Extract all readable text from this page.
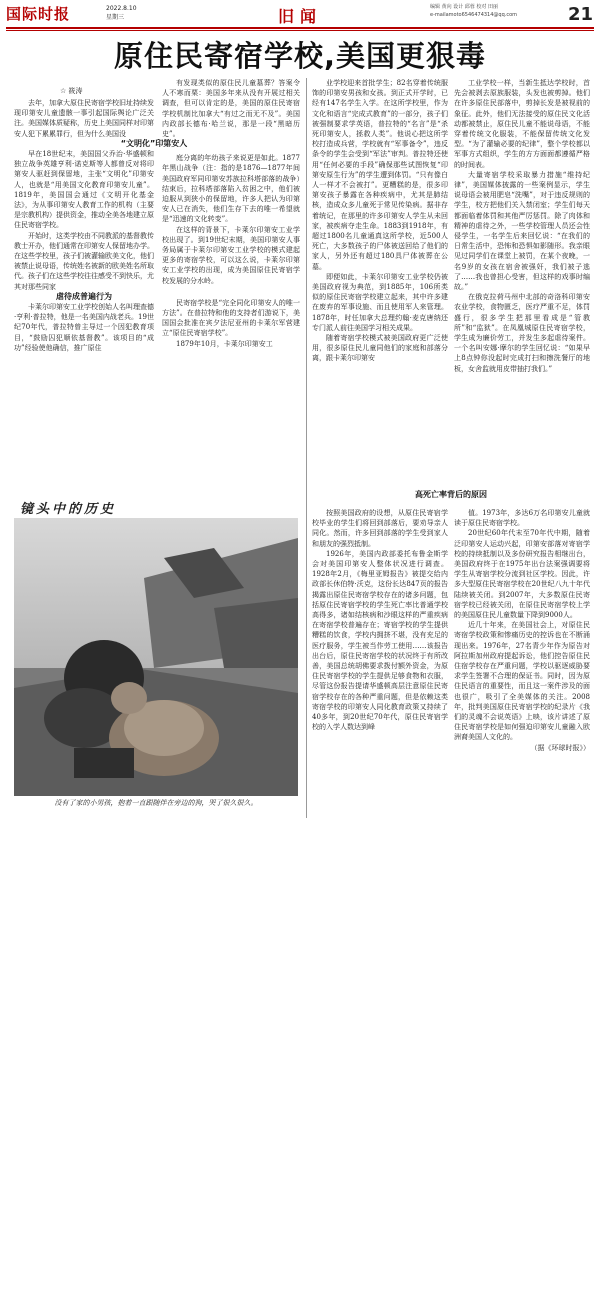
国际时报	2022.8.10
星期三	旧闻	编辑 黄向 设计 邱蓉 校对 田丽
e-mailamoto6546474314@qq.com	21
原住民寄宿学校,美国更狠毒
☆ 筱涛

去年，加拿大原住民寄宿学校旧址持续发现印第安儿童遗骸一事引起国际舆论广泛关注。美国媒体质疑称，历史上美国同样对印第安人犯下累累罪行，但为什么美国没

“文明化”印第安人

早在18世纪末，美国国父乔治·华盛顿和独立战争英雄亨利·诺克斯等人都曾反对将印第安人驱赶到保留地，主张“文明化”印第安人，也就是“用美国文化教育印第安儿童”。1819年，美国国会通过《文明开化基金法》，为从事印第安人教育工作的机构（主要是宗教机构）提供资金，推动全美各地建立原住民寄宿学校。

开始时，这类学校由不同教派的基督教传教士开办，他们通常在印第安人保留地办学。在这些学校里，孩子们被灌输欧美文化，他们被禁止说母语，传统姓名被新的欧美姓名所取代。孩子们在这些学校往往感受不到快乐，尤其对那些同家

虐待成普遍行为

卡莱尔印第安工业学校创始人名叫理查德·亨利·普拉特，他是一名美国内战老兵。19世纪70年代，普拉特曾主导过一个因犯教育项目，“鼓励囚犯顺依基督教”。该项目的“成功”经验使他确信，推广原住

有发现类似的原住民儿童墓葬？答案令人不寒而栗：美国多年来从没有开展过相关调查，但可以肯定的是，美国的原住民寄宿学校机制比加拿大“有过之而无不及”。美国内政部长德布·哈兰说，那是一段“黑暗历史”。

庭分离的年幼孩子来说更是如此。1877年黑山战争（注：指的是1876—1877年间美国政府军同印第安苏族拉科塔部落的战争）结束后，拉科塔部落陷入贫困之中，他们被迫服从到狭小的保留地，许多人把认为印第安人已在消失，他们生存下去的唯一希望就是“迅速的文化转变”。

在这样的背景下，卡莱尔印第安工业学校出现了。到19世纪末期，美国印第安人事务局属于卡莱尔印第安工业学校的模式建起更多的寄宿学校，可以这么说，卡莱尔印第安工业学校的出现，成为美国原住民寄宿学校发展的分水岭。

民寄宿学校是“完全同化印第安人的唯一方法”。在普拉特和他的支持者们游说下，美国国会批准在宾夕法尼亚州的卡莱尔军营建立“原住民寄宿学校”。

1879年10月，卡莱尔印第安工

业学校迎来首批学生；82名穿着传统服饰的印第安男孩和女孩。到正式开学时，已经有147名学生入学。在这所学校里，作为文化和语言“完成式教育”的一部分，孩子们被强制要求学英语，普拉特的“名言”是“杀死印第安人，拯救人类”。他说心把这所学校打造成兵营，学校就有“军事备令”，违反条令的学生会受到“军法”审判。普拉特还使用“任何必要的手段”确保那些试图恢复“印第安原生行为”的学生遭到体罚。“只有像白人一样才不会被打”。更糟糕的是，很多印第安孩子暴露在各种疾病中，尤其是肺结核，造成众多儿童死于常见传染病。据非存着统记，在那里的许多印第安人学生从未回家，被疾病夺走生命。1883到1918年，有超过1800名儿童通真这所学校，近500人死亡，大多数孩子的尸体被送回给了他们的家人，另外还有超过180具尸体被葬在公墓。

即便如此，卡莱尔印第安工业学校仍被美国政府视为典范，到1885年，106所类似的原住民寄宿学校建立起来，其中许多建在废弃的军事设施、而且使用军人来管理。1878年，时任加拿大总理约翰·麦克唐纳还专门派人前往美国学习相关成果。

随着寄宿学校模式被美国政府更广泛使用，很多原住民儿童同他们的家庭和部落分离，跟卡莱尔印第安

工业学校一样，当新生抵达学校时，首先会被剥去原族服装，头发也被剪掉。他们在许多原住民部落中，剪掉长发是被视前的象征。此外，他们无法接受的原住民文化活动都被禁止，原住民儿童不能说母语，不能穿着传统文化服装，不能保留传统文化发型。“为了灌输必要的纪律”，整个学校都以军事方式组织，学生的方方面面都遵循严格的时间表。

大量寄宿学校采取暴力措施“维持纪律”，美国媒体披露的一些案例显示，学生说母语会被用肥皂“洗嘴”，对于违反规则的学生，校方把他们关入禁闭室；学生们每天都面临着体罚和其他严厉惩罚。除了肉体和精神的虐待之外，一些学校管理人员还会性侵学生，一名学生后来回忆说：“在我们的日常生活中，恐怖和恐惧如影随形。我亲眼见过同学们在课堂上被罚，在某个夜晚，一名9岁的女孩在宿舍被强奸，我们被子逃了……我也曾担心受害，但这样的戏事时编故。”

在俄克拉荷马州中北部的奇洛科印第安农业学校，食物匮乏，医疗严重不足，体罚盛行，很多学生把那里看成是“管教所”和“监狱”。在凤凰城原住民寄宿学校，学生成为廉价劳工，并发生多起虐待案件。一个名叫安娜·摩尔的学生回忆说：“如果早上8点钟你没起时完成打扫和擦洗餐厅的地板，女舍监就用皮带抽打我们。”

高死亡率背后的原因

按照美国政府的设想，从原住民寄宿学校毕业的学生们将回到部落后，要劝导亲人同化。然而，许多回到部落的学生受到家人和朋友的强烈抵制。

1926年，美国内政部委托布鲁金斯学会对美国印第安人整体状况进行调查。1928年2月，《梅里亚姆报告》被提交给内政部长休伯特·沃克，这份长达847页的报告揭露出原住民寄宿学校存在的诸多问题，包括原住民寄宿学校的学生死亡率比普通学校高得多，诸如结核病和沙眼这样的严重疾病在寄宿学校普遍存在；寄宿学校的学生提供糟糕的饮食，学校内拥挤不堪，没有充足的医疗服务，学生被当作劳工使用……该报告出台后，原住民寄宿学校的状况终于有所改善，美国总统胡佛要求拨付额外资金，为原住民寄宿学校的学生提供足够食物和衣服，尽管这份报告提请华盛顿高层注意原住民寄宿学校存在的各种严重问题，但是依赖这类寄宿学校的印第安人同化教育政策又持续了40多年，到20世纪70年代，原住民寄宿学校的入学人数达到峰

值。1973年，多达6万名印第安儿童就读于原住民寄宿学校。

20世纪60年代末至70年代中期，随着泛印第安人运动兴起，印第安部落对寄宿学校的持续抵制以及多份研究报告相继出台，美国政府终于在1975年出台法案强调要将学生从寄宿学校分流到社区学校。因此，许多大型原住民寄宿学校在20世纪八九十年代陆续被关闭。到2007年，大多数原住民寄宿学校已经被关闭，在原住民寄宿学校上学的美国原住民儿童数量下降到9000人。

近几十年来，在美国社会上，对原住民寄宿学校政策和惨痛历史的控诉也在不断涌现出来。1976年，27名青少年作为原告对阿拉斯加州政府提起诉讼，他们控告原住民住宿学校存在严重问题，学校以驱逐威胁要求学生签署不合理的保证书。同时，因为原住民语言的重要性，而且这一案件涉及的面也很广，吸引了全美媒体的关注。2008年，批判美国原住民寄宿学校的纪录片《我们的灵魂不会说英语》上映，该片讲述了原住民寄宿学校是如何强迫印第安儿童融入欧洲裔美国人文化的。

（据《环球时报》）

镜头中的历史
无处可去
没有了家的小男孩，抱着一直跟随伴在旁边的狗，哭了很久很久。
